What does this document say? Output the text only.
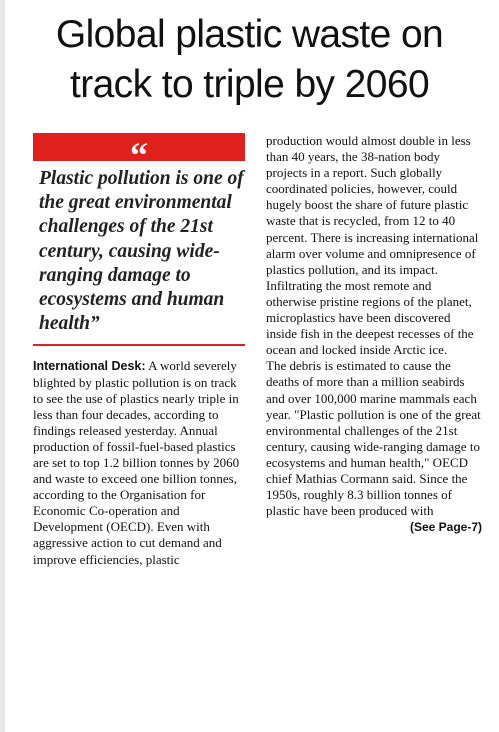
Global plastic waste on
track to triple by 2060
“
Plastic pollution is one of the great environmental challenges of the 21st century, causing wide-ranging damage to ecosystems and human health”
International Desk: A world severely blighted by plastic pollution is on track to see the use of plastics nearly triple in less than four decades, according to findings released yesterday. Annual production of fossil-fuel-based plastics are set to top 1.2 billion tonnes by 2060 and waste to exceed one billion tonnes, according to the Organisation for Economic Co-operation and Development (OECD). Even with aggressive action to cut demand and improve efficiencies, plastic
production would almost double in less than 40 years, the 38-nation body projects in a report. Such globally coordinated policies, however, could hugely boost the share of future plastic waste that is recycled, from 12 to 40 percent. There is increasing international alarm over volume and omnipresence of plastics pollution, and its impact. Infiltrating the most remote and otherwise pristine regions of the planet, microplastics have been discovered inside fish in the deepest recesses of the ocean and locked inside Arctic ice.
The debris is estimated to cause the deaths of more than a million seabirds and over 100,000 marine mammals each year. "Plastic pollution is one of the great environmental challenges of the 21st century, causing wide-ranging damage to ecosystems and human health," OECD chief Mathias Cormann said. Since the 1950s, roughly 8.3 billion tonnes of plastic have been produced with
(See Page-7)
